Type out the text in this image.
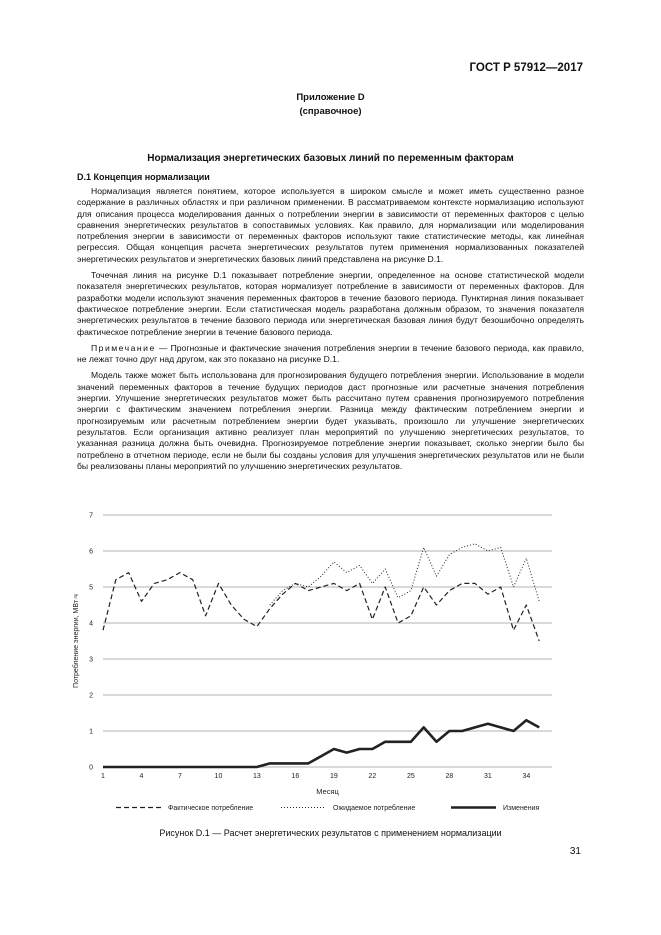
ГОСТ Р 57912—2017
Приложение D
(справочное)
Нормализация энергетических базовых линий по переменным факторам
D.1 Концепция нормализации

Нормализация является понятием, которое используется в широком смысле и может иметь существенно разное содержание в различных областях и при различном применении. В рассматриваемом контексте нормализацию используют для описания процесса моделирования данных о потреблении энергии в зависимости от переменных факторов с целью сравнения энергетических результатов в сопоставимых условиях. Как правило, для нормализации или моделирования потребления энергии в зависимости от переменных факторов используют такие статистические методы, как линейная регрессия. Общая концепция расчета энергетических результатов путем применения нормализованных показателей энергетических результатов и энергетических базовых линий представлена на рисунке D.1.

Точечная линия на рисунке D.1 показывает потребление энергии, определенное на основе статистической модели показателя энергетических результатов, которая нормализует потребление в зависимости от переменных факторов. Для разработки модели используют значения переменных факторов в течение базового периода. Пунктирная линия показывает фактическое потребление энергии. Если статистическая модель разработана должным образом, то значения показателя энергетических результатов в течение базового периода или энергетическая базовая линия будут безошибочно определять фактическое потребление энергии в течение базового периода.

Примечание — Прогнозные и фактические значения потребления энергии в течение базового периода, как правило, не лежат точно друг над другом, как это показано на рисунке D.1.

Модель также может быть использована для прогнозирования будущего потребления энергии. Использование в модели значений переменных факторов в течение будущих периодов даст прогнозные или расчетные значения потребления энергии. Улучшение энергетических результатов может быть рассчитано путем сравнения прогнозируемого потребления энергии с фактическим значением потребления энергии. Разница между фактическим потреблением энергии и прогнозируемым или расчетным потреблением энергии будет указывать, произошло ли улучшение энергетических результатов. Если организация активно реализует план мероприятий по улучшению энергетических результатов, то указанная разница должна быть очевидна. Прогнозируемое потребление энергии показывает, сколько энергии было бы потреблено в отчетном периоде, если не были бы созданы условия для улучшения энергетических результатов или не были бы реализованы планы мероприятий по улучшению энергетических результатов.

0
1
2
3
4
5
6
7
1	4	7	10	13	16	19	22	25	28	31	34
Месяц
Потребление энергии, МВт·ч
Фактическое потребление	Ожидаемое потребление	Изменения
Рисунок D.1 — Расчет энергетических результатов с применением нормализации
31
